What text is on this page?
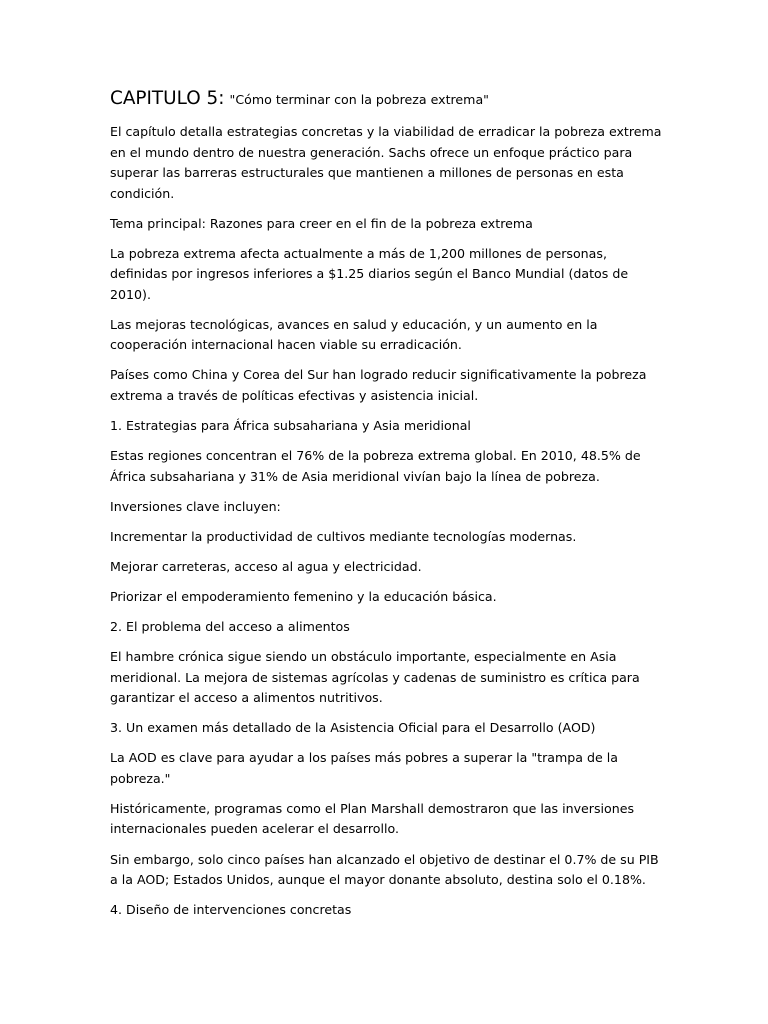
CAPITULO 5: "Cómo terminar con la pobreza extrema"

El capítulo detalla estrategias concretas y la viabilidad de erradicar la pobreza extrema en el mundo dentro de nuestra generación. Sachs ofrece un enfoque práctico para superar las barreras estructurales que mantienen a millones de personas en esta condición.

Tema principal: Razones para creer en el fin de la pobreza extrema

La pobreza extrema afecta actualmente a más de 1,200 millones de personas, definidas por ingresos inferiores a $1.25 diarios según el Banco Mundial (datos de 2010).

Las mejoras tecnológicas, avances en salud y educación, y un aumento en la cooperación internacional hacen viable su erradicación.

Países como China y Corea del Sur han logrado reducir significativamente la pobreza extrema a través de políticas efectivas y asistencia inicial.

1. Estrategias para África subsahariana y Asia meridional

Estas regiones concentran el 76% de la pobreza extrema global. En 2010, 48.5% de África subsahariana y 31% de Asia meridional vivían bajo la línea de pobreza.

Inversiones clave incluyen:

Incrementar la productividad de cultivos mediante tecnologías modernas.

Mejorar carreteras, acceso al agua y electricidad.

Priorizar el empoderamiento femenino y la educación básica.

2. El problema del acceso a alimentos

El hambre crónica sigue siendo un obstáculo importante, especialmente en Asia meridional. La mejora de sistemas agrícolas y cadenas de suministro es crítica para garantizar el acceso a alimentos nutritivos.

3. Un examen más detallado de la Asistencia Oficial para el Desarrollo (AOD)

La AOD es clave para ayudar a los países más pobres a superar la "trampa de la pobreza."

Históricamente, programas como el Plan Marshall demostraron que las inversiones internacionales pueden acelerar el desarrollo.

Sin embargo, solo cinco países han alcanzado el objetivo de destinar el 0.7% de su PIB a la AOD; Estados Unidos, aunque el mayor donante absoluto, destina solo el 0.18%.

4. Diseño de intervenciones concretas
